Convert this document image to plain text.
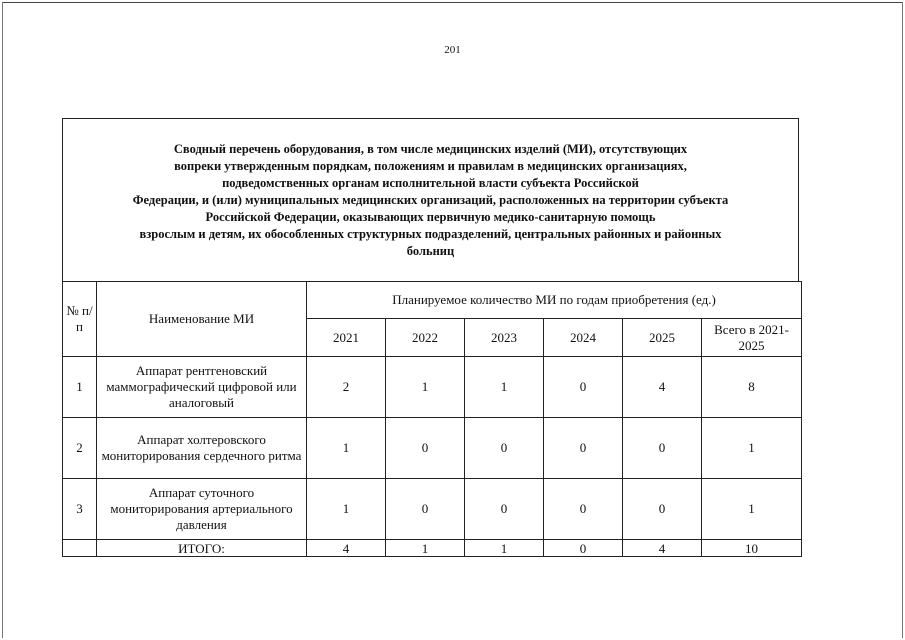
201
Сводный перечень оборудования, в том числе медицинских изделий (МИ), отсутствующих
вопреки утвержденным порядкам, положениям и правилам в медицинских организациях,
подведомственных органам исполнительной власти субъекта Российской
Федерации, и (или) муниципальных медицинских организаций, расположенных на территории субъекта
Российской Федерации, оказывающих первичную медико-санитарную помощь
взрослым и детям, их обособленных структурных подразделений, центральных районных и районных
больниц
№ п/п	Наименование МИ	Планируемое количество МИ по годам приобретения (ед.)					
		2021	2022	2023	2024	2025	Всего в 2021-2025
1	Аппарат рентгеновский маммографический цифровой или аналоговый	2	1	1	0	4	8
2	Аппарат холтеровского мониторирования сердечного ритма	1	0	0	0	0	1
3	Аппарат суточного мониторирования артериального давления	1	0	0	0	0	1
	ИТОГО:	4	1	1	0	4	10
